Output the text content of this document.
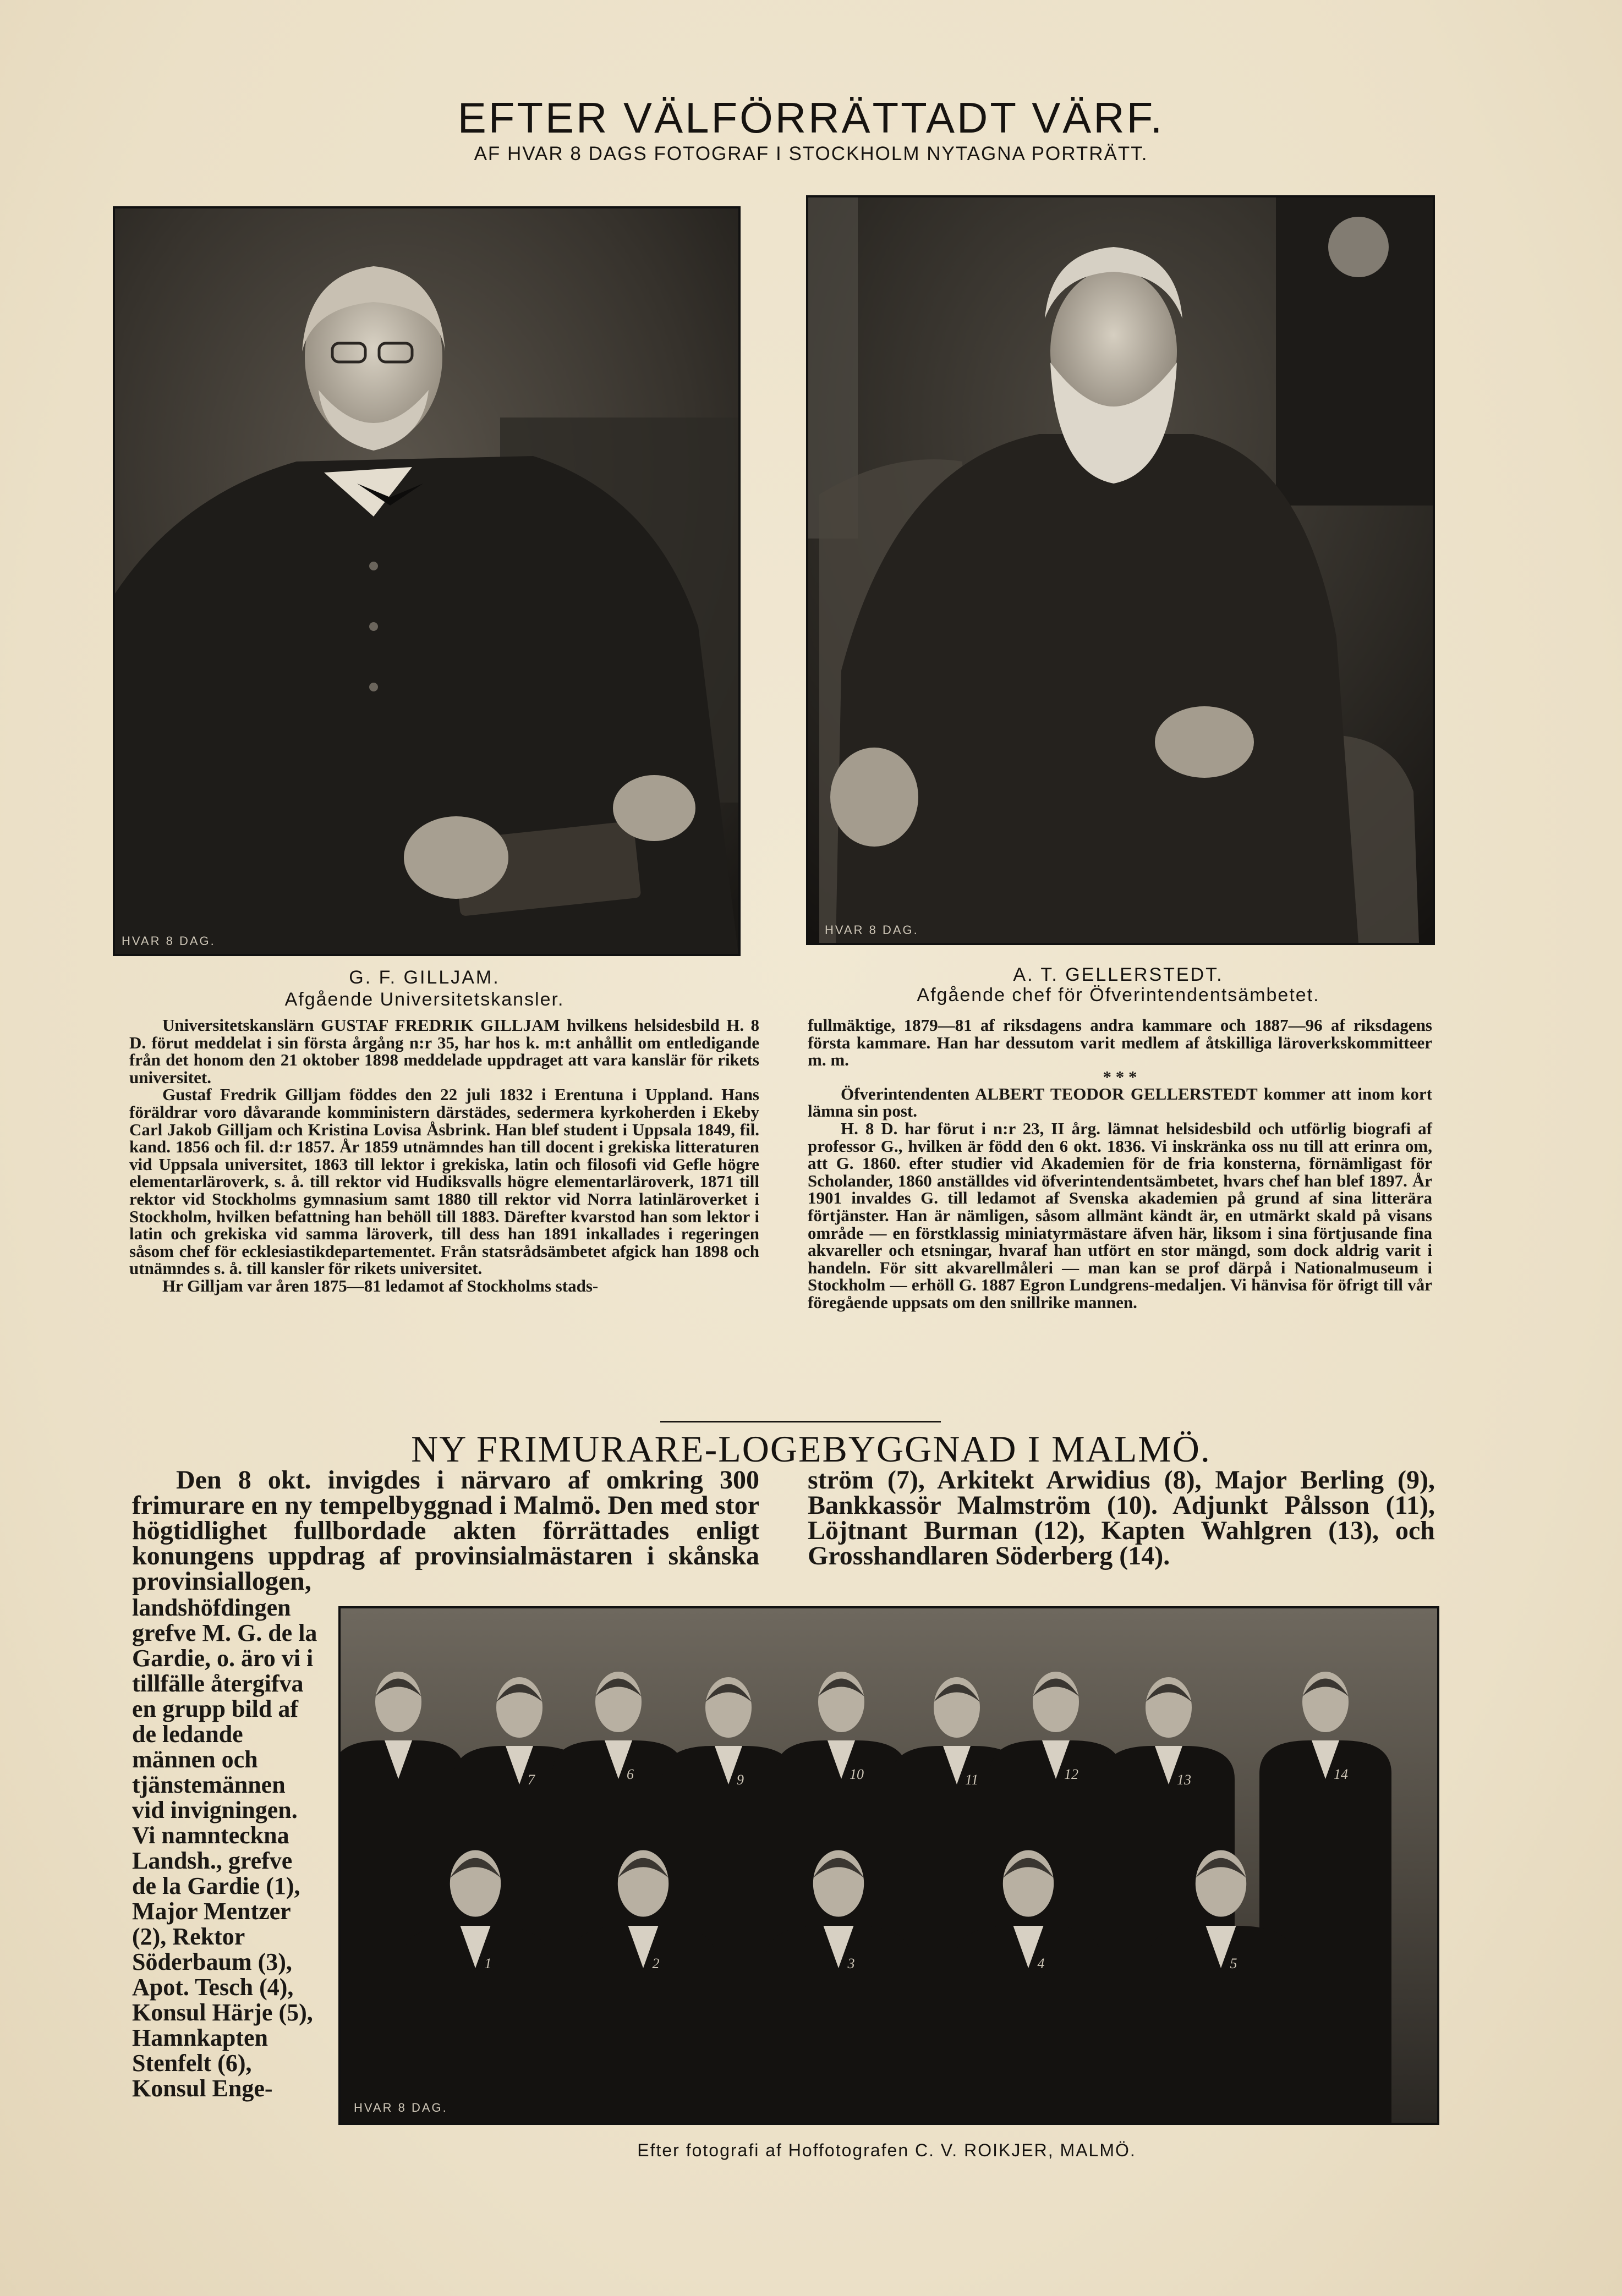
EFTER VÄLFÖRRÄTTADT VÄRF.
AF HVAR 8 DAGS FOTOGRAF I STOCKHOLM NYTAGNA PORTRÄTT.
HVAR 8 DAG.
HVAR 8 DAG.
G. F. GILLJAM.
Afgående Universitetskansler.
A. T. GELLERSTEDT.
Afgående chef för Öfverintendentsämbetet.

Universitetskanslärn GUSTAF FREDRIK GILLJAM hvilkens helsidesbild H. 8 D. förut meddelat i sin första årgång n:r 35, har hos k. m:t anhållit om entledigande från det honom den 21 oktober 1898 meddelade uppdraget att vara kanslär för rikets universitet.

Gustaf Fredrik Gilljam föddes den 22 juli 1832 i Erentuna i Uppland. Hans föräldrar voro dåvarande komministern därstädes, sedermera kyrkoherden i Ekeby Carl Jakob Gilljam och Kristina Lovisa Åsbrink. Han blef student i Uppsala 1849, fil. kand. 1856 och fil. d:r 1857. År 1859 utnämndes han till docent i grekiska litteraturen vid Uppsala universitet, 1863 till lektor i grekiska, latin och filosofi vid Gefle högre elementarläroverk, s. å. till rektor vid Hudiksvalls högre elementarläroverk, 1871 till rektor vid Stockholms gymnasium samt 1880 till rektor vid Norra latinläroverket i Stockholm, hvilken befattning han behöll till 1883. Därefter kvarstod han som lektor i latin och grekiska vid samma läroverk, till dess han 1891 inkallades i regeringen såsom chef för ecklesiastikdepartementet. Från statsrådsämbetet afgick han 1898 och utnämndes s. å. till kansler för rikets universitet.

Hr Gilljam var åren 1875—81 ledamot af Stockholms stads-

fullmäktige, 1879—81 af riksdagens andra kammare och 1887—96 af riksdagens första kammare. Han har dessutom varit medlem af åtskilliga läroverkskommitteer m. m.

* * *

Öfverintendenten ALBERT TEODOR GELLERSTEDT kommer att inom kort lämna sin post.

H. 8 D. har förut i n:r 23, II årg. lämnat helsidesbild och utförlig biografi af professor G., hvilken är född den 6 okt. 1836. Vi inskränka oss nu till att erinra om, att G. 1860. efter studier vid Akademien för de fria konsterna, förnämligast för Scholander, 1860 anställdes vid öfverintendentsämbetet, hvars chef han blef 1897. År 1901 invaldes G. till ledamot af Svenska akademien på grund af sina litterära förtjänster. Han är nämligen, såsom allmänt kändt är, en utmärkt skald på visans område — en förstklassig miniatyrmästare äfven här, liksom i sina förtjusande fina akvareller och etsningar, hvaraf han utfört en stor mängd, som dock aldrig varit i handeln. För sitt akvarellmåleri — man kan se prof därpå i Nationalmuseum i Stockholm — erhöll G. 1887 Egron Lundgrens-medaljen. Vi hänvisa för öfrigt till vår föregående uppsats om den snillrike mannen.

NY FRIMURARE-LOGEBYGGNAD I MALMÖ.
Den 8 okt. invigdes i närvaro af omkring 300 frimurare en ny tempelbyggnad i Malmö. Den med stor högtidlighet fullbordade akten förrättades enligt konungens uppdrag af provinsialmästaren i skånska provinsiallogen,
ström (7), Arkitekt Arwidius (8), Major Berling (9), Bankkassör Malmström (10). Adjunkt Pålsson (11), Löjtnant Burman (12), Kapten Wahlgren (13), och Grosshandlaren Söderberg (14).
landshöfdingen grefve M. G. de la Gardie, o. äro vi i tillfälle återgifva en grupp bild af de ledande männen och tjänstemännen vid invigningen. Vi namnteckna Landsh., grefve de la Gardie (1), Major Mentzer (2), Rektor Söderbaum (3), Apot. Tesch (4), Konsul Härje (5), Hamnkapten Stenfelt (6), Konsul Enge-
7	6	9	10	11	12	13	14
1	2	3	4	5
HVAR 8 DAG.
Efter fotografi af Hoffotografen C. V. ROIKJER, MALMÖ.
